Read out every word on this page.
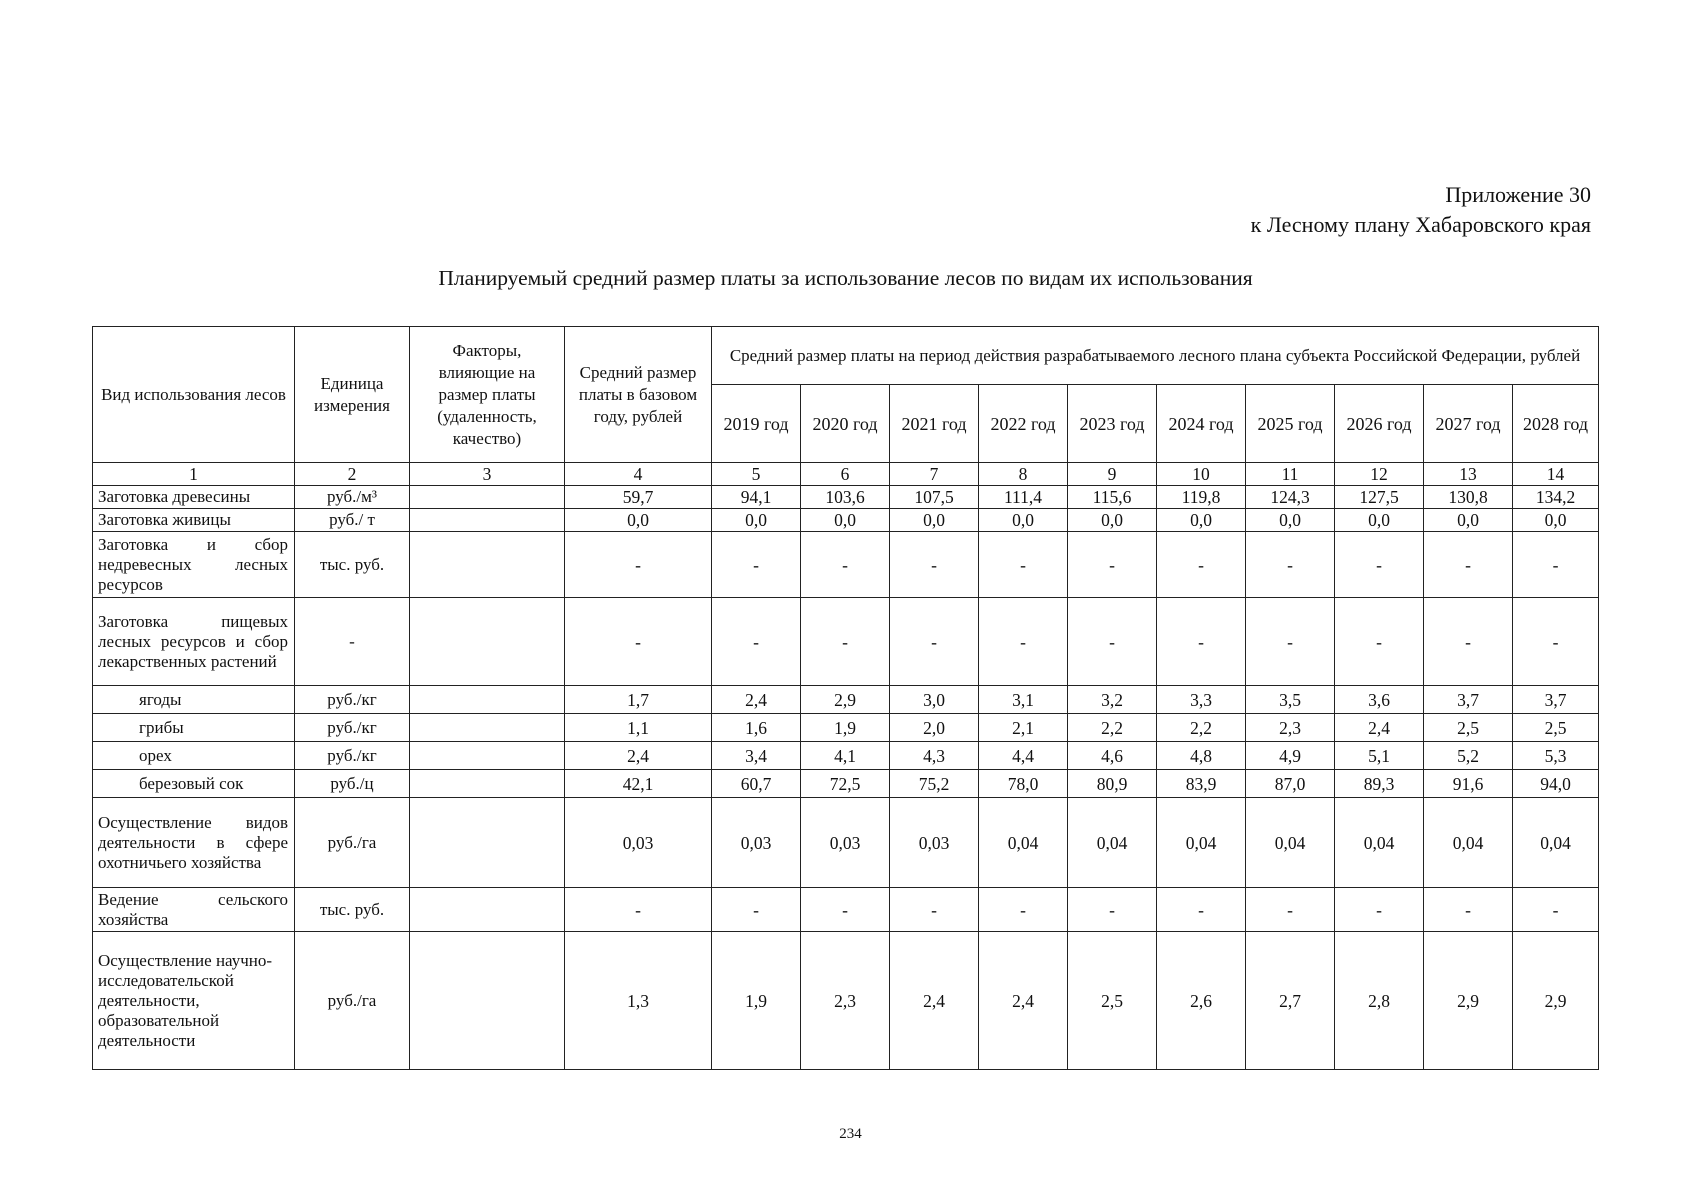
Приложение 30
к Лесному плану Хабаровского края
Планируемый средний размер платы за использование лесов по видам их использования
Вид использования лесов	Единица измерения	Факторы, влияющие на размер платы (удаленность, качество)	Средний размер платы в базовом году, рублей	Средний размер платы на период действия разрабатываемого лесного плана субъекта Российской Федерации, рублей									
				2019 год	2020 год	2021 год	2022 год	2023 год	2024 год	2025 год	2026 год	2027 год	2028 год
1	2	3	4	5	6	7	8	9	10	11	12	13	14
Заготовка древесины	руб./м³		59,7	94,1	103,6	107,5	111,4	115,6	119,8	124,3	127,5	130,8	134,2
Заготовка живицы	руб./ т		0,0	0,0	0,0	0,0	0,0	0,0	0,0	0,0	0,0	0,0	0,0
Заготовка и сбор недревесных лесных ресурсов	тыс. руб.		-	-	-	-	-	-	-	-	-	-	-
Заготовка пищевых лесных ресурсов и сбор лекарственных растений	-		-	-	-	-	-	-	-	-	-	-	-
ягоды	руб./кг		1,7	2,4	2,9	3,0	3,1	3,2	3,3	3,5	3,6	3,7	3,7
грибы	руб./кг		1,1	1,6	1,9	2,0	2,1	2,2	2,2	2,3	2,4	2,5	2,5
орех	руб./кг		2,4	3,4	4,1	4,3	4,4	4,6	4,8	4,9	5,1	5,2	5,3
березовый сок	руб./ц		42,1	60,7	72,5	75,2	78,0	80,9	83,9	87,0	89,3	91,6	94,0
Осуществление видов деятельности в сфере охотничьего хозяйства	руб./га		0,03	0,03	0,03	0,03	0,04	0,04	0,04	0,04	0,04	0,04	0,04
Ведение сельского хозяйства	тыс. руб.		-	-	-	-	-	-	-	-	-	-	-
Осуществление научно-исследовательской деятельности, образовательной деятельности	руб./га		1,3	1,9	2,3	2,4	2,4	2,5	2,6	2,7	2,8	2,9	2,9
234
